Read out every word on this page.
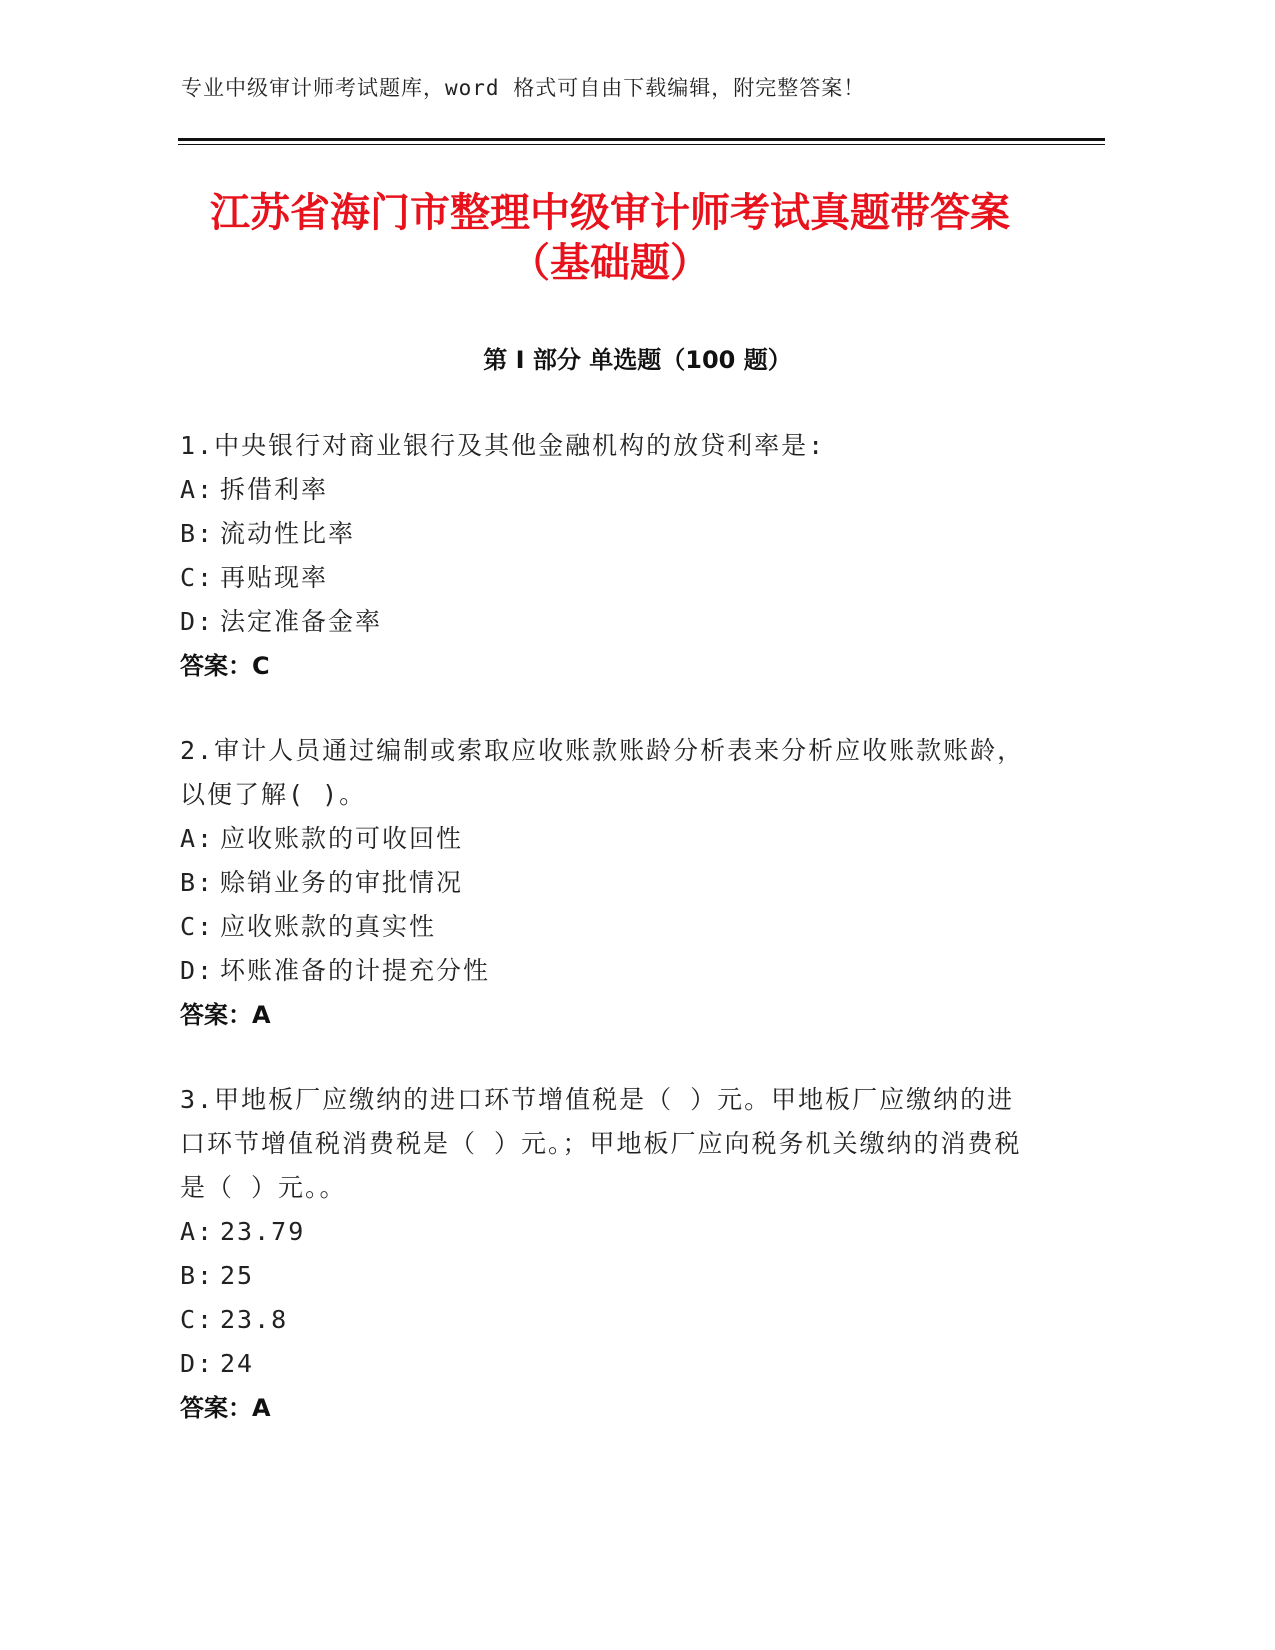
专业中级审计师考试题库，word 格式可自由下载编辑，附完整答案！
江苏省海门市整理中级审计师考试真题带答案（基础题）
第 I 部分 单选题（100 题）
1.中央银行对商业银行及其他金融机构的放贷利率是:
A: 拆借利率
B: 流动性比率
C: 再贴现率
D: 法定准备金率
答案：C
2.审计人员通过编制或索取应收账款账龄分析表来分析应收账款账龄，以便了解( )。
A: 应收账款的可收回性
B: 赊销业务的审批情况
C: 应收账款的真实性
D: 坏账准备的计提充分性
答案：A
3.甲地板厂应缴纳的进口环节增值税是（ ）元。甲地板厂应缴纳的进口环节增值税消费税是（ ）元。；甲地板厂应向税务机关缴纳的消费税是（ ）元。。
A: 23.79
B: 25
C: 23.8
D: 24
答案：A
